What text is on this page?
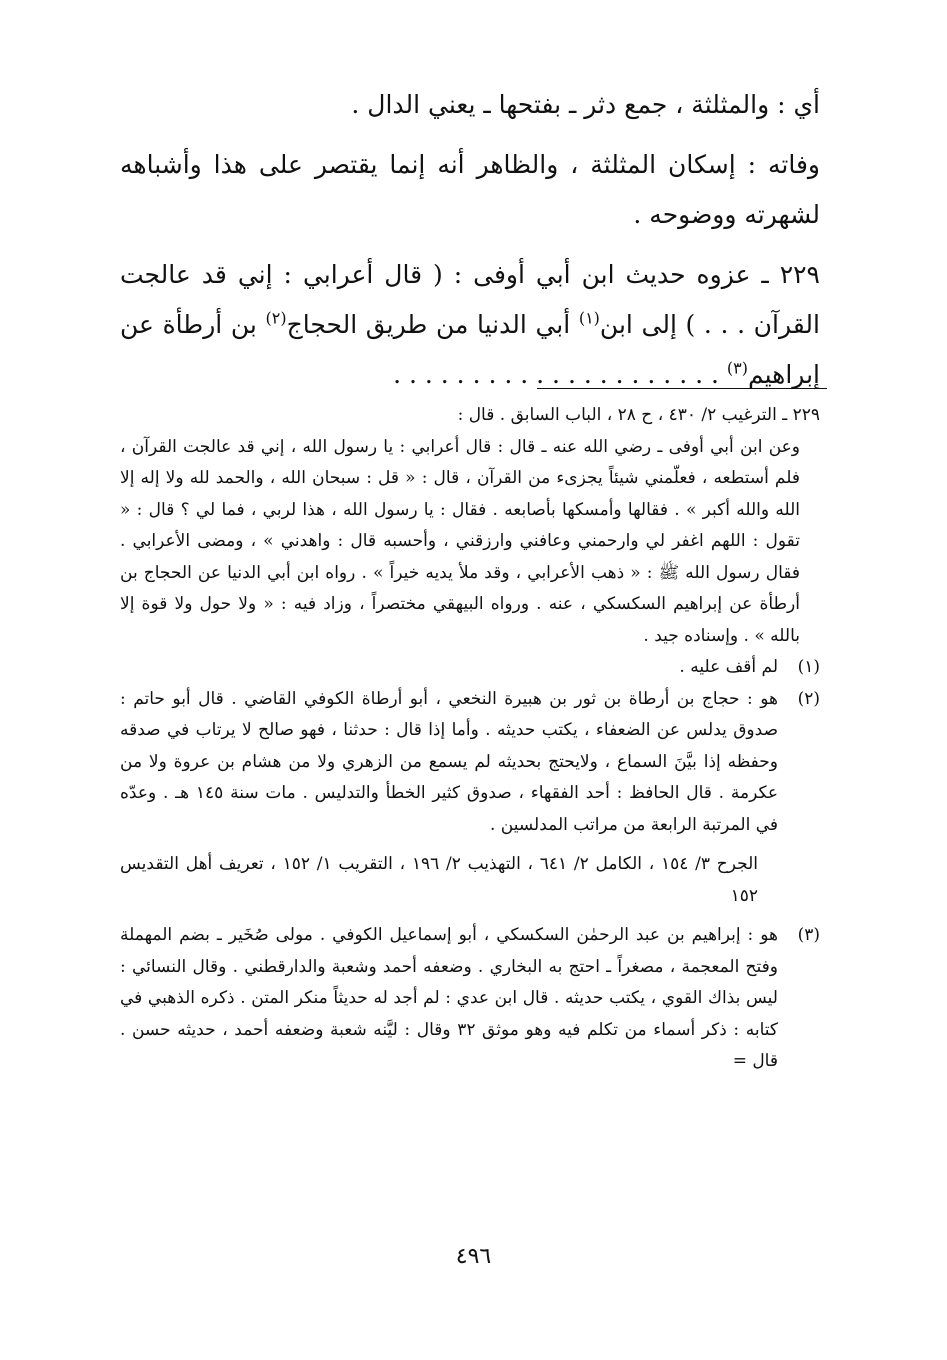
أي : والمثلثة ، جمع دثر ـ بفتحها ـ يعني الدال .

وفاته : إسكان المثلثة ، والظاهر أنه إنما يقتصر على هذا وأشباهه لشهرته ووضوحه .

٢٢٩ ـ عزوه حديث ابن أبي أوفى : ( قال أعرابي : إني قد عالجت القرآن . . . ) إلى ابن$^{(١)}$ أبي الدنيا من طريق الحجاج$^{(٢)}$ بن أرطأة عن إبراهيم$^{(٣)}$ . . . . . . . . . . . . . . . . . . . . .

٢٢٩ ـ الترغيب ٢/ ٤٣٠ ، ح ٢٨ ، الباب السابق . قال :

وعن ابن أبي أوفى ـ رضي الله عنه ـ قال : قال أعرابي : يا رسول الله ، إني قد عالجت القرآن ، فلم أستطعه ، فعلّمني شيئاً يجزىء من القرآن ، قال : « قل : سبحان الله ، والحمد لله ولا إله إلا الله والله أكبر » . فقالها وأمسكها بأصابعه . فقال : يا رسول الله ، هذا لربي ، فما لي ؟ قال : « تقول : اللهم اغفر لي وارحمني وعافني وارزقني ، وأحسبه قال : واهدني » ، ومضى الأعرابي . فقال رسول الله ﷺ : « ذهب الأعرابي ، وقد ملأ يديه خيراً » . رواه ابن أبي الدنيا عن الحجاج بن أرطأة عن إبراهيم السكسكي ، عنه . ورواه البيهقي مختصراً ، وزاد فيه : « ولا حول ولا قوة إلا بالله » . وإسناده جيد .

(١)
لم أقف عليه .
(٢)

هو : حجاج بن أرطاة بن ثور بن هبيرة النخعي ، أبو أرطاة الكوفي القاضي . قال أبو حاتم : صدوق يدلس عن الضعفاء ، يكتب حديثه . وأما إذا قال : حدثنا ، فهو صالح لا يرتاب في صدقه وحفظه إذا بيَّنَ السماع ، ولايحتج بحديثه لم يسمع من الزهري ولا من هشام بن عروة ولا من عكرمة . قال الحافظ : أحد الفقهاء ، صدوق كثير الخطأ والتدليس . مات سنة ١٤٥ هـ . وعدّه في المرتبة الرابعة من مراتب المدلسين .

الجرح ٣/ ١٥٤ ، الكامل ٢/ ٦٤١ ، التهذيب ٢/ ١٩٦ ، التقريب ١/ ١٥٢ ، تعريف أهل التقديس ١٥٢

(٣)
هو : إبراهيم بن عبد الرحمٰن السكسكي ، أبو إسماعيل الكوفي . مولى صُخَير ـ بضم المهملة وفتح المعجمة ، مصغراً ـ احتج به البخاري . وضعفه أحمد وشعبة والدارقطني . وقال النسائي : ليس بذاك القوي ، يكتب حديثه . قال ابن عدي : لم أجد له حديثاً منكر المتن . ذكره الذهبي في كتابه : ذكر أسماء من تكلم فيه وهو موثق ٣٢ وقال : ليَّنه شعبة وضعفه أحمد ، حديثه حسن . قال =
٤٩٦
